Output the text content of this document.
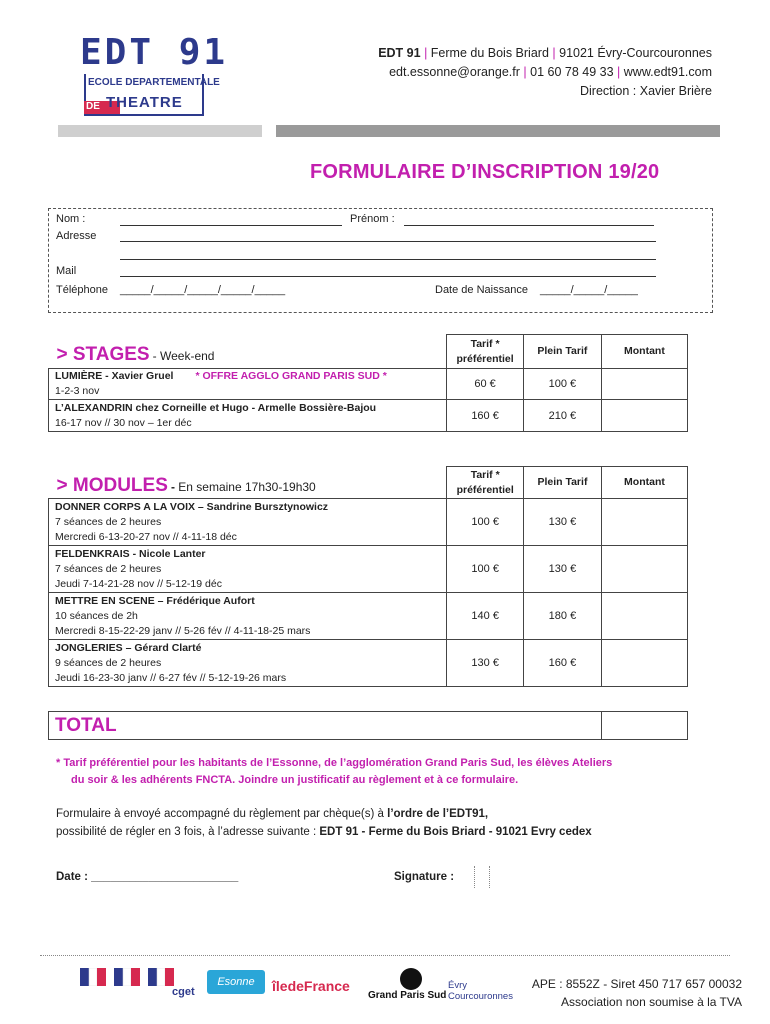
EDT 91
ECOLE DEPARTEMENTALE
DE THEATRE
EDT 91 | Ferme du Bois Briard | 91021 Évry-Courcouronnes
edt.essonne@orange.fr | 01 60 78 49 33 | www.edt91.com
Direction : Xavier Brière
FORMULAIRE D’INSCRIPTION 19/20
Nom :	Prénom :
Adresse
Mail
Téléphone _____/_____/_____/_____/_____	Date de Naissance _____/_____/_____
> STAGES - Week-end	Tarif * préférentiel	Plein Tarif	Montant

LUMIÈRE - Xavier Gruel * OFFRE AGGLO GRAND PARIS SUD *
1-2-3 nov	60 €	100 €	

L’ALEXANDRIN chez Corneille et Hugo - Armelle Bossière-Bajou
16-17 nov // 30 nov – 1er déc	160 €	210 €	
> MODULES - En semaine 17h30-19h30	Tarif * préférentiel	Plein Tarif	Montant

DONNER CORPS A LA VOIX – Sandrine Bursztynowicz
7 séances de 2 heures
Mercredi 6-13-20-27 nov // 4-11-18 déc	100 €	130 €	

FELDENKRAIS - Nicole Lanter
7 séances de 2 heures
Jeudi 7-14-21-28 nov // 5-12-19 déc	100 €	130 €	

METTRE EN SCENE – Frédérique Aufort
10 séances de 2h
Mercredi 8-15-22-29 janv // 5-26 fév // 4-11-18-25 mars	140 €	180 €	

JONGLERIES – Gérard Clarté
9 séances de 2 heures
Jeudi 16-23-30 janv // 6-27 fév // 5-12-19-26 mars	130 €	160 €	
TOTAL	
* Tarif préférentiel pour les habitants de l’Essonne, de l’agglomération Grand Paris Sud, les élèves Ateliers
du soir & les adhérents FNCTA. Joindre un justificatif au règlement et à ce formulaire.
Formulaire à envoyé accompagné du règlement par chèque(s) à l’ordre de l’EDT91,
possibilité de régler en 3 fois, à l’adresse suivante : EDT 91 - Ferme du Bois Briard - 91021 Evry cedex
Date : _______________________	Signature :
cget
Esonne	îledeFrance
Grand Paris Sud
Évry Courcouronnes
APE : 8552Z - Siret 450 717 657 00032
Association non soumise à la TVA
